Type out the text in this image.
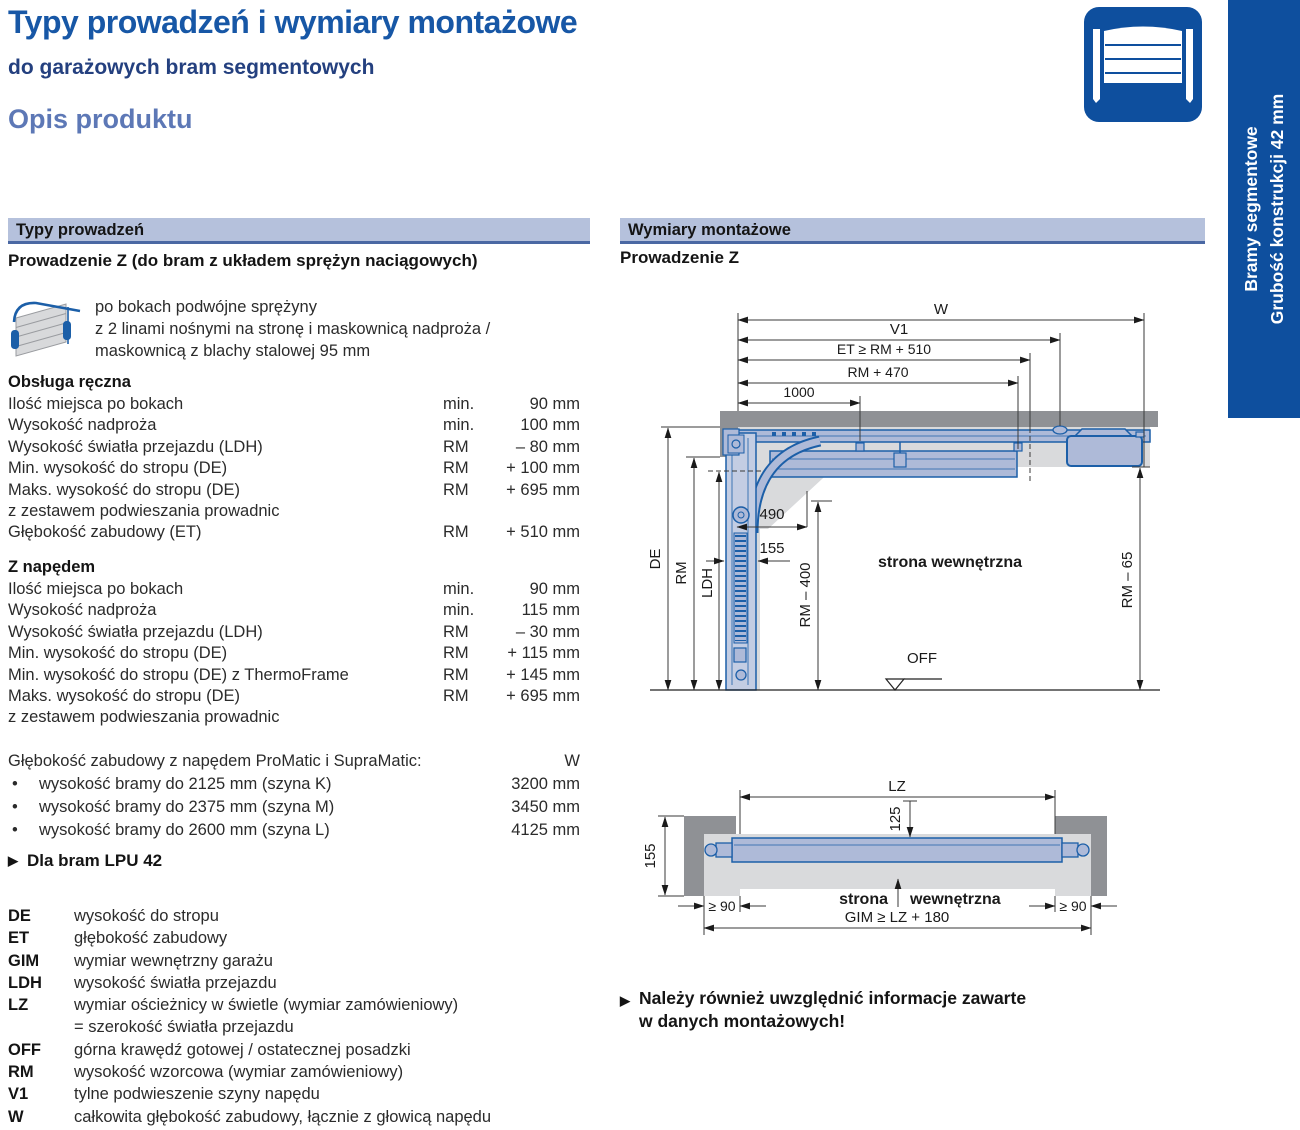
Typy prowadzeń i wymiary montażowe
do garażowych bram segmentowych
Opis produktu
Bramy segmentowe Grubość konstrukcji 42 mm
Typy prowadzeń
Prowadzenie Z (do bram z układem sprężyn naciągowych)
po bokach podwójne sprężyny
z 2 linami nośnymi na stronę i maskownicą nadproża /
maskownicą z blachy stalowej 95 mm
Obsługa ręczna
Ilość miejsca po bokach	min.	90 mm
Wysokość nadproża	min.	100 mm
Wysokość światła przejazdu (LDH)	RM	– 80 mm
Min. wysokość do stropu (DE)	RM	+ 100 mm
Maks. wysokość do stropu (DE)	RM	+ 695 mm
z zestawem podwieszania prowadnic
Głębokość zabudowy (ET)	RM	+ 510 mm
Z napędem
Ilość miejsca po bokach	min.	90 mm
Wysokość nadproża	min.	115 mm
Wysokość światła przejazdu (LDH)	RM	– 30 mm
Min. wysokość do stropu (DE)	RM	+ 115 mm
Min. wysokość do stropu (DE) z ThermoFrame	RM	+ 145 mm
Maks. wysokość do stropu (DE)	RM	+ 695 mm
z zestawem podwieszania prowadnic
Głębokość zabudowy z napędem ProMatic i SupraMatic:	W
•	wysokość bramy do 2125 mm (szyna K)	3200 mm
•	wysokość bramy do 2375 mm (szyna M)	3450 mm
•	wysokość bramy do 2600 mm (szyna L)	4125 mm
▶ Dla bram LPU 42
DE	wysokość do stropu
ET	głębokość zabudowy
GIM	wymiar wewnętrzny garażu
LDH	wysokość światła przejazdu
LZ	wymiar ościeżnicy w świetle (wymiar zamówieniowy)
= szerokość światła przejazdu
OFF	górna krawędź gotowej / ostatecznej posadzki
RM	wysokość wzorcowa (wymiar zamówieniowy)
V1	tylne podwieszenie szyny napędu
W	całkowita głębokość zabudowy, łącznie z głowicą napędu
Wymiary montażowe
Prowadzenie Z
W
V1
ET ≥ RM + 510
RM + 470
1000
DE
RM LDH
490
155
RM – 400	RM – 65
strona wewnętrzna
OFF
LZ
125
155
≥ 90	≥ 90
GIM ≥ LZ + 180
strona wewnętrzna
▶ Należy również uwzględnić informacje zawarte
w danych montażowych!
